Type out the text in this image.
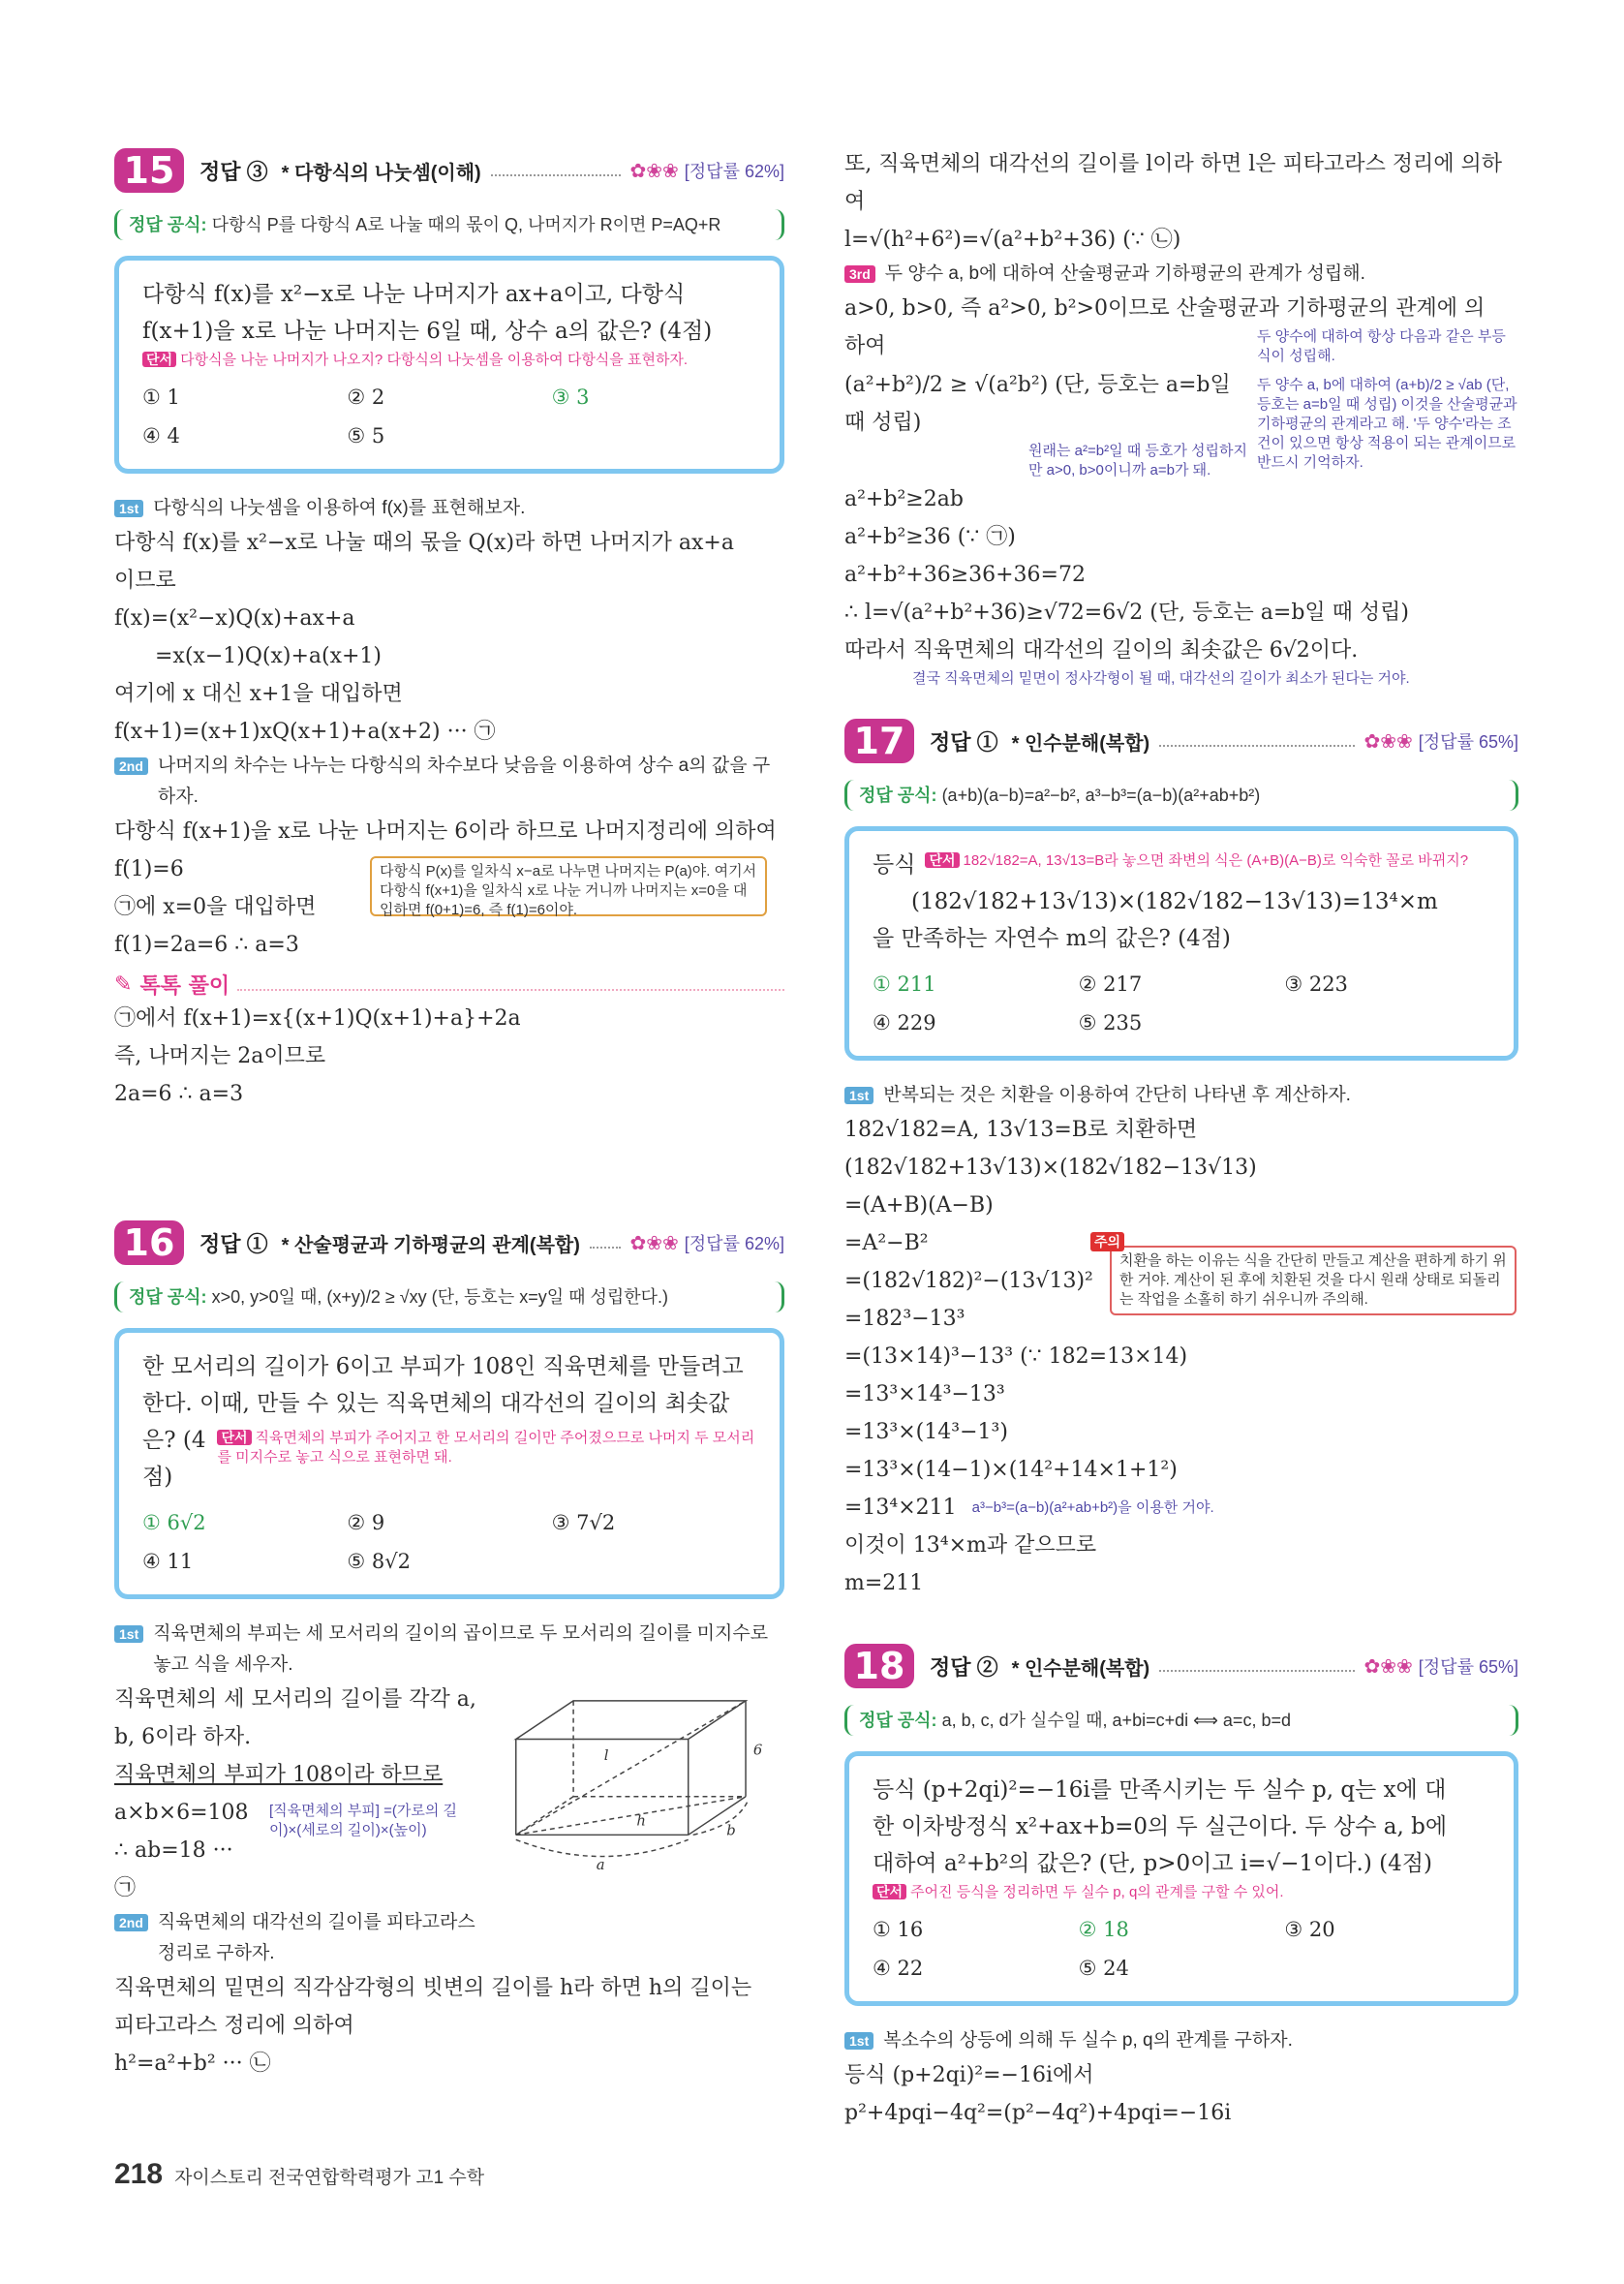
15	정답 ③ * 다항식의 나눗셈(이해)	✿❀❀ [정답률 62%]
정답 공식: 다항식 P를 다항식 A로 나눌 때의 몫이 Q, 나머지가 R이면 P=AQ+R
다항식 f(x)를 x²−x로 나눈 나머지가 ax+a이고, 다항식
f(x+1)을 x로 나눈 나머지는 6일 때, 상수 a의 값은? (4점)
단서 다항식을 나눈 나머지가 나오지? 다항식의 나눗셈을 이용하여 다항식을 표현하자.
① 1	② 2	③ 3
④ 4	⑤ 5
1st 다항식의 나눗셈을 이용하여 f(x)를 표현해보자.
다항식 f(x)를 x²−x로 나눌 때의 몫을 Q(x)라 하면 나머지가 ax+a
이므로
f(x)=(x²−x)Q(x)+ax+a
=x(x−1)Q(x)+a(x+1)
여기에 x 대신 x+1을 대입하면
f(x+1)=(x+1)xQ(x+1)+a(x+2) ··· ㉠
2nd 나머지의 차수는 나누는 다항식의 차수보다 낮음을 이용하여 상수 a의 값을 구하자.
다항식 f(x+1)을 x로 나눈 나머지는 6이라 하므로 나머지정리에 의하여
f(1)=6
㉠에 x=0을 대입하면
f(1)=2a=6 ∴ a=3
다항식 P(x)를 일차식 x−a로 나누면 나머지는 P(a)야. 여기서 다항식 f(x+1)을 일차식 x로 나눈 거니까 나머지는 x=0을 대입하면 f(0+1)=6, 즉 f(1)=6이야.
✎ 톡톡 풀이
㉠에서 f(x+1)=x{(x+1)Q(x+1)+a}+2a
즉, 나머지는 2a이므로
2a=6 ∴ a=3
16	정답 ① * 산술평균과 기하평균의 관계(복합)	✿❀❀ [정답률 62%]
정답 공식: x>0, y>0일 때, (x+y)/2 ≥ √xy (단, 등호는 x=y일 때 성립한다.)
한 모서리의 길이가 6이고 부피가 108인 직육면체를 만들려고
한다. 이때, 만들 수 있는 직육면체의 대각선의 길이의 최솟값
은? (4점)
단서 직육면체의 부피가 주어지고 한 모서리의 길이만 주어졌으므로 나머지 두 모서리를 미지수로 놓고 식으로 표현하면 돼.
① 6√2	② 9	③ 7√2
④ 11	⑤ 8√2
1st 직육면체의 부피는 세 모서리의 길이의 곱이므로 두 모서리의 길이를 미지수로 놓고 식을 세우자.
직육면체의 세 모서리의 길이를 각각 a,
b, 6이라 하자.
직육면체의 부피가 108이라 하므로
a×b×6=108
∴ ab=18 ··· ㉠
[직육면체의 부피] =(가로의 길이)×(세로의 길이)×(높이)
2nd 직육면체의 대각선의 길이를 피타고라스 정리로 구하자.
l
h
6
a
b
직육면체의 밑면의 직각삼각형의 빗변의 길이를 h라 하면 h의 길이는
피타고라스 정리에 의하여
h²=a²+b² ··· ㉡
또, 직육면체의 대각선의 길이를 l이라 하면 l은 피타고라스 정리에 의하여
l=√(h²+6²)=√(a²+b²+36) (∵ ㉡)
3rd 두 양수 a, b에 대하여 산술평균과 기하평균의 관계가 성립해.
a>0, b>0, 즉 a²>0, b²>0이므로 산술평균과 기하평균의 관계에 의
하여	두 양수에 대하여 항상 다음과 같은 부등식이 성립해.
(a²+b²)/2 ≥ √(a²b²) (단, 등호는 a=b일 때 성립)
원래는 a²=b²일 때 등호가 성립하지만 a>0, b>0이니까 a=b가 돼.
a²+b²≥2ab
a²+b²≥36 (∵ ㉠)
a²+b²+36≥36+36=72
두 양수 a, b에 대하여 (a+b)/2 ≥ √ab (단, 등호는 a=b일 때 성립) 이것을 산술평균과 기하평균의 관계라고 해. '두 양수'라는 조건이 있으면 항상 적용이 되는 관계이므로 반드시 기억하자.
∴ l=√(a²+b²+36)≥√72=6√2 (단, 등호는 a=b일 때 성립)
따라서 직육면체의 대각선의 길이의 최솟값은 6√2이다.
결국 직육면체의 밑면이 정사각형이 될 때, 대각선의 길이가 최소가 된다는 거야.
17	정답 ① * 인수분해(복합)	✿❀❀ [정답률 65%]
정답 공식: (a+b)(a−b)=a²−b², a³−b³=(a−b)(a²+ab+b²)
등식 단서 182√182=A, 13√13=B라 놓으면 좌변의 식은 (A+B)(A−B)로 익숙한 꼴로 바뀌지?
(182√182+13√13)×(182√182−13√13)=13⁴×m
을 만족하는 자연수 m의 값은? (4점)
① 211	② 217	③ 223
④ 229	⑤ 235
1st 반복되는 것은 치환을 이용하여 간단히 나타낸 후 계산하자.
182√182=A, 13√13=B로 치환하면
(182√182+13√13)×(182√182−13√13)
=(A+B)(A−B)
=A²−B²
=(182√182)²−(13√13)²
=182³−13³
주의
치환을 하는 이유는 식을 간단히 만들고 계산을 편하게 하기 위한 거야. 계산이 된 후에 치환된 것을 다시 원래 상태로 되돌리는 작업을 소홀히 하기 쉬우니까 주의해.
=(13×14)³−13³ (∵ 182=13×14)
=13³×14³−13³
=13³×(14³−1³)
=13³×(14−1)×(14²+14×1+1²)
=13⁴×211 a³−b³=(a−b)(a²+ab+b²)을 이용한 거야.
이것이 13⁴×m과 같으므로
m=211
18	정답 ② * 인수분해(복합)	✿❀❀ [정답률 65%]
정답 공식: a, b, c, d가 실수일 때, a+bi=c+di ⟺ a=c, b=d
등식 (p+2qi)²=−16i를 만족시키는 두 실수 p, q는 x에 대
한 이차방정식 x²+ax+b=0의 두 실근이다. 두 상수 a, b에
대하여 a²+b²의 값은? (단, p>0이고 i=√−1이다.) (4점)
단서 주어진 등식을 정리하면 두 실수 p, q의 관계를 구할 수 있어.
① 16	② 18	③ 20
④ 22	⑤ 24
1st 복소수의 상등에 의해 두 실수 p, q의 관계를 구하자.
등식 (p+2qi)²=−16i에서
p²+4pqi−4q²=(p²−4q²)+4pqi=−16i
218 자이스토리 전국연합학력평가 고1 수학
